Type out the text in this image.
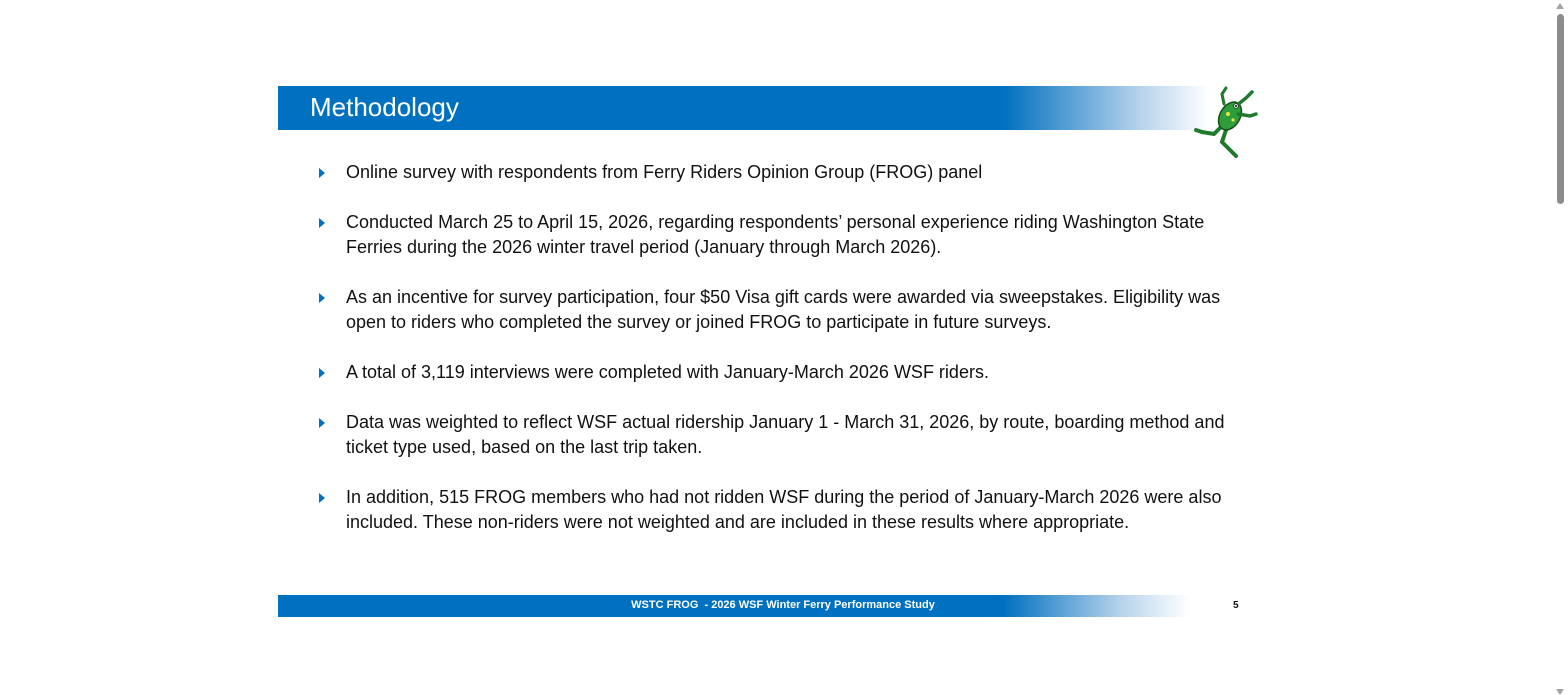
Methodology
Online survey with respondents from Ferry Riders Opinion Group (FROG) panel
Conducted March 25 to April 15, 2026, regarding respondents’ personal experience riding Washington State Ferries during the 2026 winter travel period (January through March 2026).
As an incentive for survey participation, four $50 Visa gift cards were awarded via sweepstakes. Eligibility was open to riders who completed the survey or joined FROG to participate in future surveys.
A total of 3,119 interviews were completed with January-March 2026 WSF riders.
Data was weighted to reflect WSF actual ridership January 1 - March 31, 2026, by route, boarding method and ticket type used, based on the last trip taken.
In addition, 515 FROG members who had not ridden WSF during the period of January-March 2026 were also included. These non-riders were not weighted and are included in these results where appropriate.
WSTC FROG  - 2026 WSF Winter Ferry Performance Study	5
